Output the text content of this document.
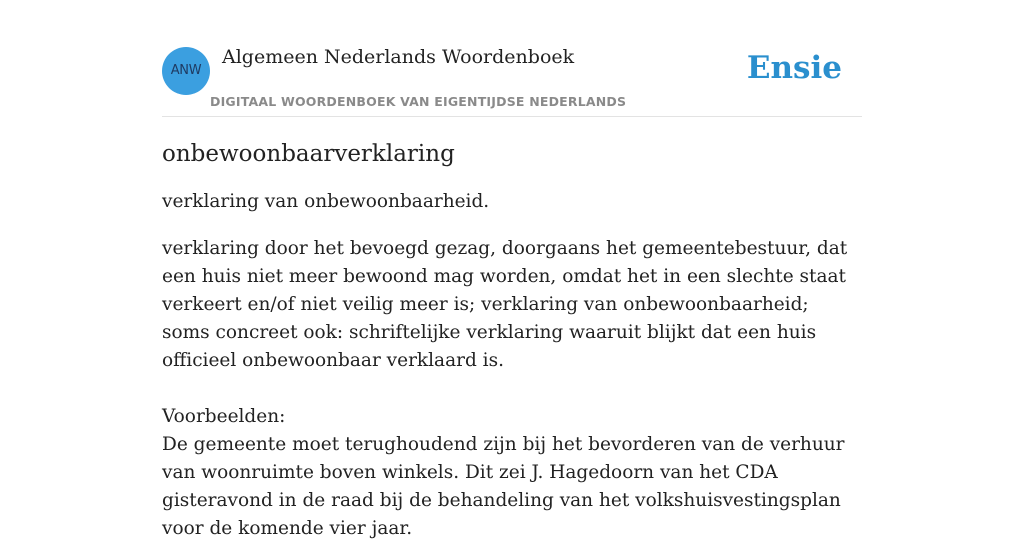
ANW
Algemeen Nederlands Woordenboek
DIGITAAL WOORDENBOEK VAN EIGENTIJDSE NEDERLANDS
Ensie
onbewoonbaarverklaring

verklaring van onbewoonbaarheid.

verklaring door het bevoegd gezag, doorgaans het gemeentebestuur, dat een huis niet meer bewoond mag worden, omdat het in een slechte staat verkeert en/of niet veilig meer is; verklaring van onbewoonbaarheid; soms concreet ook: schriftelijke verklaring waaruit blijkt dat een huis officieel onbewoonbaar verklaard is.

Voorbeelden:
De gemeente moet terughoudend zijn bij het bevorderen van de verhuur van woonruimte boven winkels. Dit zei J. Hagedoorn van het CDA gisteravond in de raad bij de behandeling van het volkshuisvestingsplan voor de komende vier jaar.
